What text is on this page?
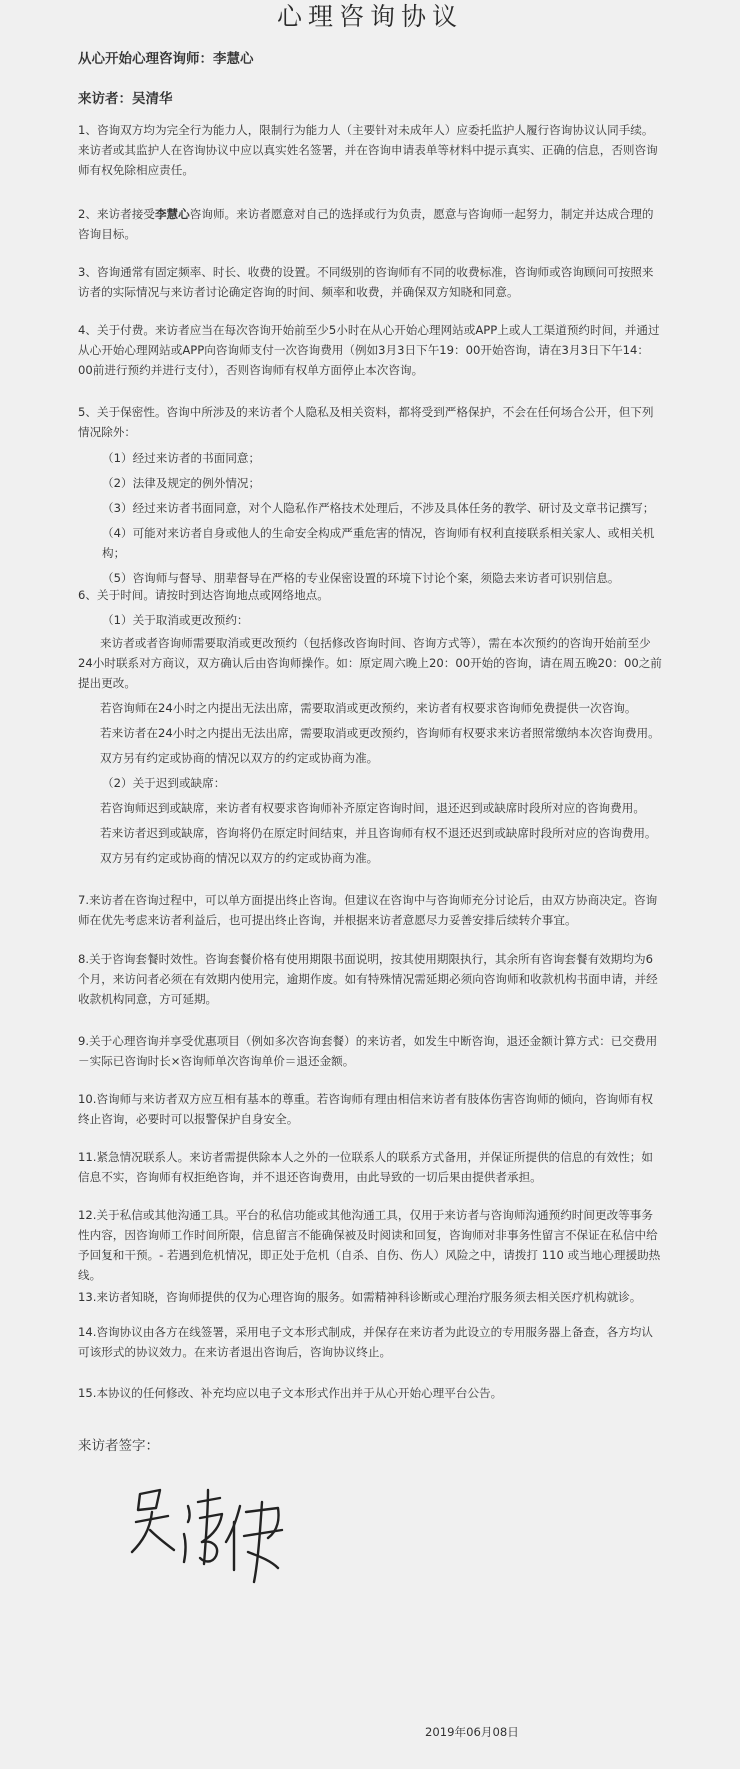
心理咨询协议
从心开始心理咨询师：李慧心
来访者：吴清华

1、咨询双方均为完全行为能力人，限制行为能力人（主要针对未成年人）应委托监护人履行咨询协议认同手续。来访者或其监护人在咨询协议中应以真实姓名签署，并在咨询申请表单等材料中提示真实、正确的信息，否则咨询师有权免除相应责任。

2、来访者接受李慧心咨询师。来访者愿意对自己的选择或行为负责，愿意与咨询师一起努力，制定并达成合理的咨询目标。

3、咨询通常有固定频率、时长、收费的设置。不同级别的咨询师有不同的收费标准，咨询师或咨询顾问可按照来访者的实际情况与来访者讨论确定咨询的时间、频率和收费，并确保双方知晓和同意。

4、关于付费。来访者应当在每次咨询开始前至少5小时在从心开始心理网站或APP上或人工渠道预约时间，并通过从心开始心理网站或APP向咨询师支付一次咨询费用（例如3月3日下午19：00开始咨询，请在3月3日下午14：00前进行预约并进行支付），否则咨询师有权单方面停止本次咨询。

5、关于保密性。咨询中所涉及的来访者个人隐私及相关资料，都将受到严格保护，不会在任何场合公开，但下列情况除外：

（1）经过来访者的书面同意；

（2）法律及规定的例外情况；

（3）经过来访者书面同意，对个人隐私作严格技术处理后，不涉及具体任务的教学、研讨及文章书记撰写；

（4）可能对来访者自身或他人的生命安全构成严重危害的情况，咨询师有权利直接联系相关家人、或相关机构；

（5）咨询师与督导、朋辈督导在严格的专业保密设置的环境下讨论个案，须隐去来访者可识别信息。

6、关于时间。请按时到达咨询地点或网络地点。

（1）关于取消或更改预约：

来访者或者咨询师需要取消或更改预约（包括修改咨询时间、咨询方式等），需在本次预约的咨询开始前至少24小时联系对方商议，双方确认后由咨询师操作。如：原定周六晚上20：00开始的咨询，请在周五晚20：00之前提出更改。

若咨询师在24小时之内提出无法出席，需要取消或更改预约，来访者有权要求咨询师免费提供一次咨询。

若来访者在24小时之内提出无法出席，需要取消或更改预约，咨询师有权要求来访者照常缴纳本次咨询费用。

双方另有约定或协商的情况以双方的约定或协商为准。

（2）关于迟到或缺席：

若咨询师迟到或缺席，来访者有权要求咨询师补齐原定咨询时间，退还迟到或缺席时段所对应的咨询费用。

若来访者迟到或缺席，咨询将仍在原定时间结束，并且咨询师有权不退还迟到或缺席时段所对应的咨询费用。

双方另有约定或协商的情况以双方的约定或协商为准。

7.来访者在咨询过程中，可以单方面提出终止咨询。但建议在咨询中与咨询师充分讨论后，由双方协商决定。咨询师在优先考虑来访者利益后，也可提出终止咨询，并根据来访者意愿尽力妥善安排后续转介事宜。

8.关于咨询套餐时效性。咨询套餐价格有使用期限书面说明，按其使用期限执行，其余所有咨询套餐有效期均为6个月，来访问者必须在有效期内使用完，逾期作废。如有特殊情况需延期必须向咨询师和收款机构书面申请，并经收款机构同意，方可延期。

9.关于心理咨询并享受优惠项目（例如多次咨询套餐）的来访者，如发生中断咨询，退还金额计算方式：已交费用－实际已咨询时长×咨询师单次咨询单价＝退还金额。

10.咨询师与来访者双方应互相有基本的尊重。若咨询师有理由相信来访者有肢体伤害咨询师的倾向，咨询师有权终止咨询，必要时可以报警保护自身安全。

11.紧急情况联系人。来访者需提供除本人之外的一位联系人的联系方式备用，并保证所提供的信息的有效性；如信息不实，咨询师有权拒绝咨询，并不退还咨询费用，由此导致的一切后果由提供者承担。

12.关于私信或其他沟通工具。平台的私信功能或其他沟通工具，仅用于来访者与咨询师沟通预约时间更改等事务性内容，因咨询师工作时间所限，信息留言不能确保被及时阅读和回复，咨询师对非事务性留言不保证在私信中给予回复和干预。- 若遇到危机情况，即正处于危机（自杀、自伤、伤人）风险之中，请拨打 110 或当地心理援助热线。

13.来访者知晓，咨询师提供的仅为心理咨询的服务。如需精神科诊断或心理治疗服务须去相关医疗机构就诊。

14.咨询协议由各方在线签署，采用电子文本形式制成，并保存在来访者为此设立的专用服务器上备查，各方均认可该形式的协议效力。在来访者退出咨询后，咨询协议终止。

15.本协议的任何修改、补充均应以电子文本形式作出并于从心开始心理平台公告。

来访者签字：
2019年06月08日
